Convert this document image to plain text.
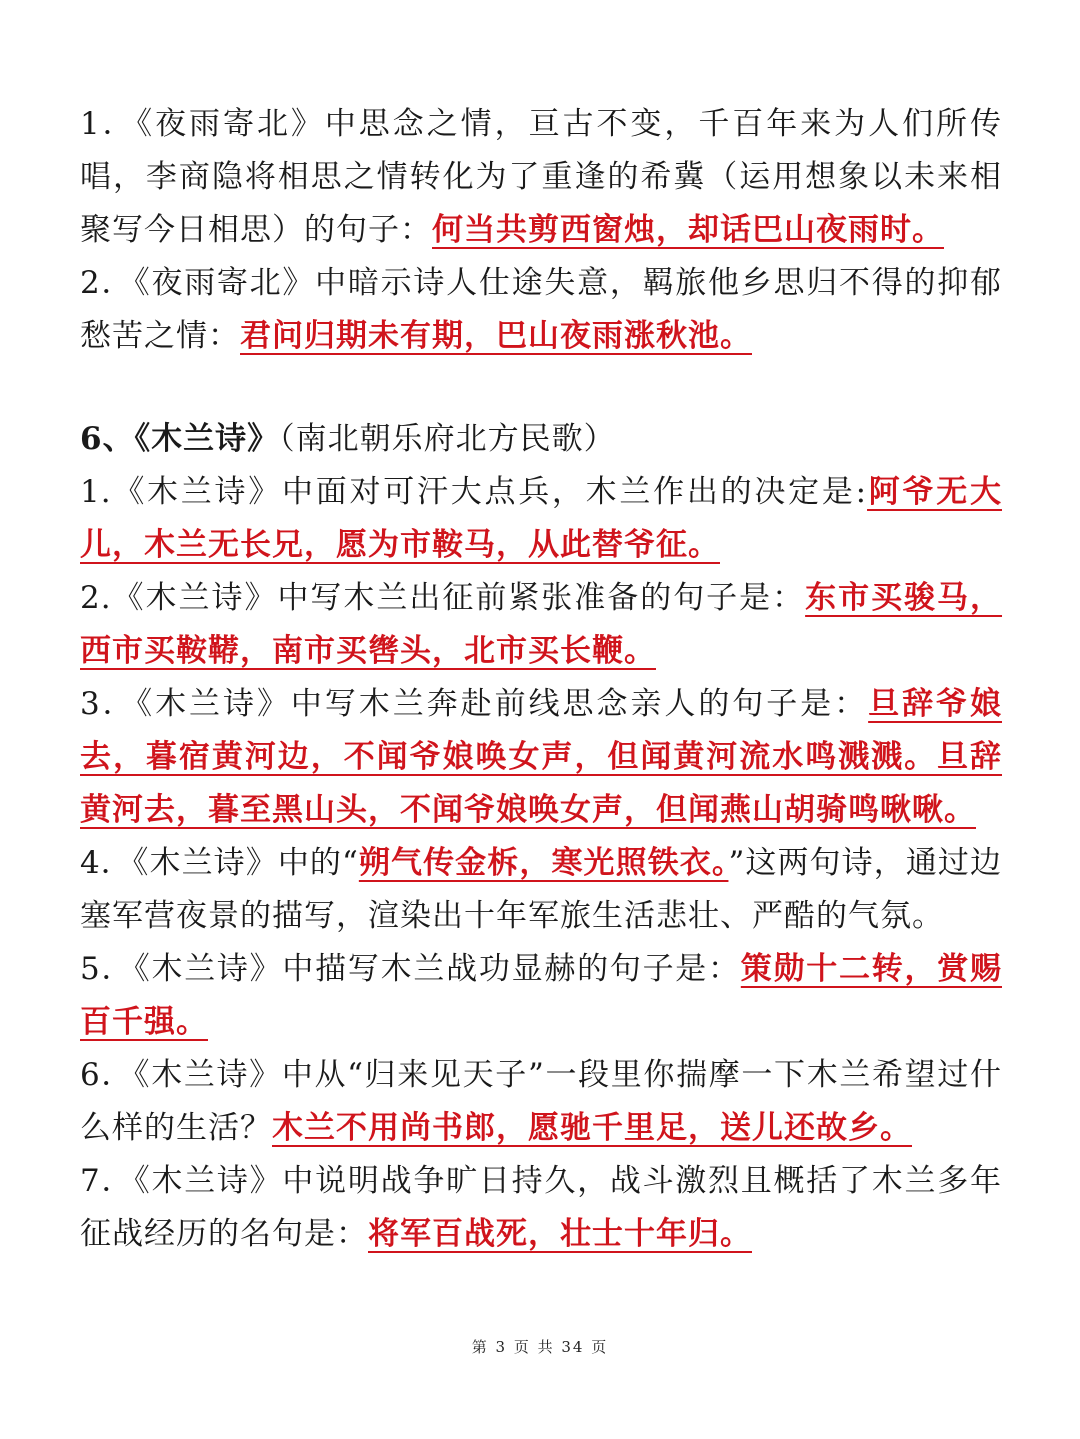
1．《夜雨寄北》中思念之情，亘古不变，千百年来为人们所传唱，李商隐将相思之情转化为了重逢的希冀（运用想象以未来相聚写今日相思）的句子：何当共剪西窗烛，却话巴山夜雨时。

2．《夜雨寄北》中暗示诗人仕途失意，羁旅他乡思归不得的抑郁愁苦之情：君问归期未有期，巴山夜雨涨秋池。

6、《木兰诗》（南北朝乐府北方民歌）

1.《木兰诗》中面对可汗大点兵，木兰作出的决定是:阿爷无大儿，木兰无长兄，愿为市鞍马，从此替爷征。

2.《木兰诗》中写木兰出征前紧张准备的句子是：东市买骏马，西市买鞍鞯，南市买辔头，北市买长鞭。

3．《木兰诗》中写木兰奔赴前线思念亲人的句子是：旦辞爷娘去，暮宿黄河边，不闻爷娘唤女声，但闻黄河流水鸣溅溅。旦辞黄河去，暮至黑山头，不闻爷娘唤女声，但闻燕山胡骑鸣啾啾。

4．《木兰诗》中的“朔气传金柝，寒光照铁衣。”这两句诗，通过边塞军营夜景的描写，渲染出十年军旅生活悲壮、严酷的气氛。

5．《木兰诗》中描写木兰战功显赫的句子是：策勋十二转，赏赐百千强。

6．《木兰诗》中从“归来见天子”一段里你揣摩一下木兰希望过什么样的生活？木兰不用尚书郎，愿驰千里足，送儿还故乡。

7．《木兰诗》中说明战争旷日持久，战斗激烈且概括了木兰多年征战经历的名句是：将军百战死，壮士十年归。

第 3 页 共 34 页
